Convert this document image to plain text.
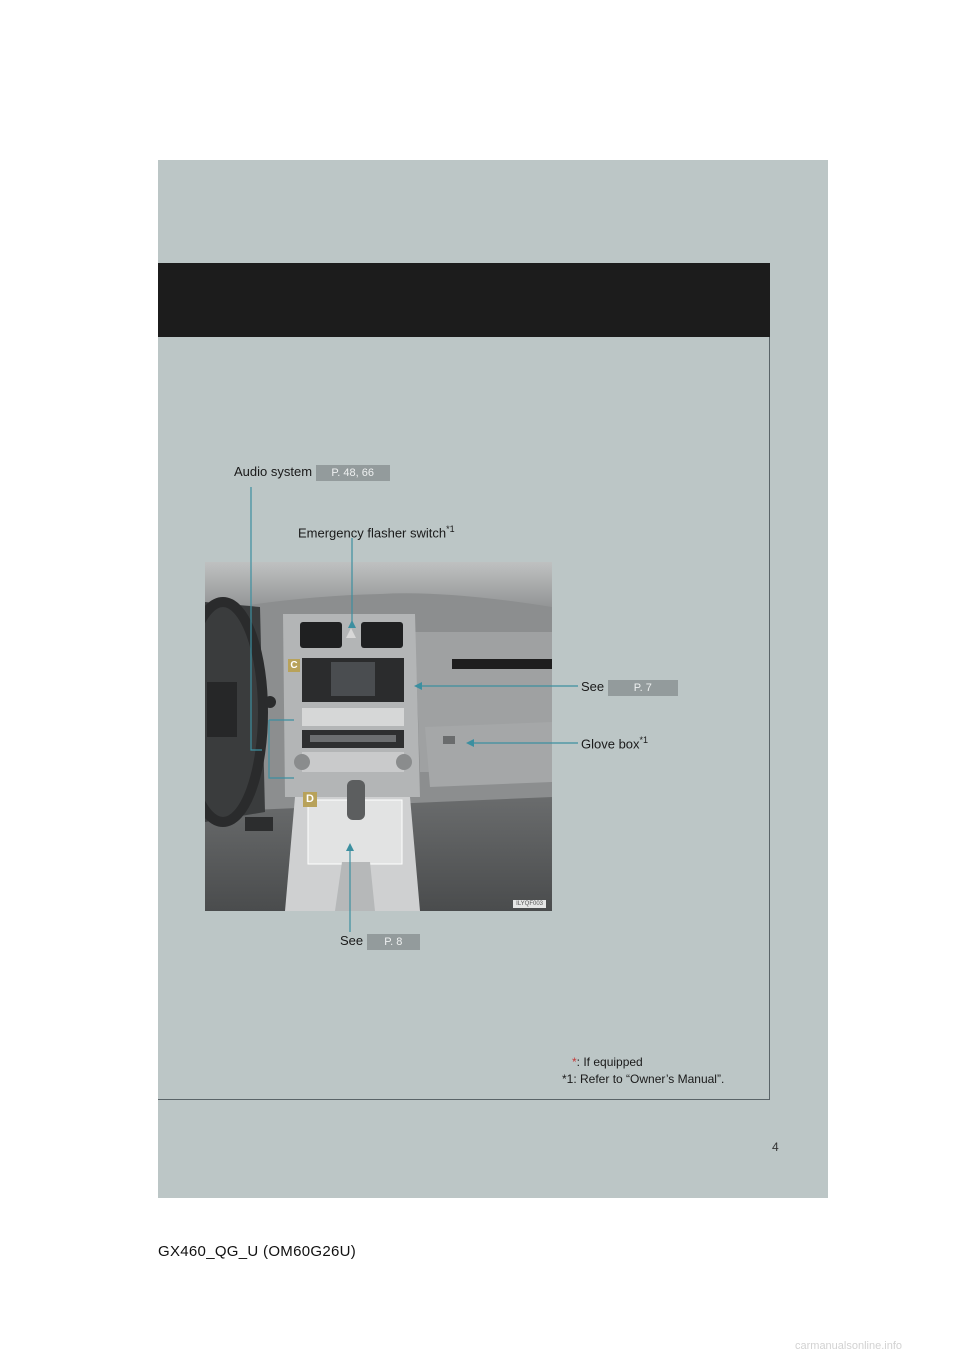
Audio system P. 48, 66
Emergency flasher switch$^{*1}$
C
D
ILYQF003
See	P. 7
Glove box$^{*1}$
See P. 8
*: If equipped
*1: Refer to “Owner’s Manual”.
4
GX460_QG_U (OM60G26U)
carmanualsonline.info
